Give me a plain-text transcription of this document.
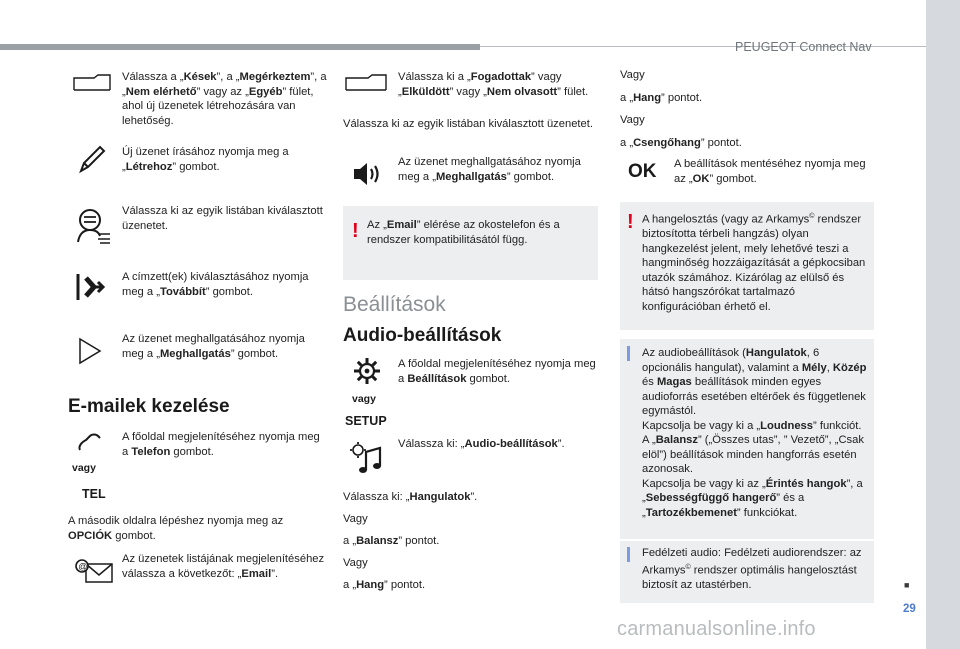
PEUGEOT Connect Nav
■
29
carmanualsonline.info
Válassza a „Kések”, a „Megérkeztem”, a „Nem elérhető” vagy az „Egyéb” fület, ahol új üzenetek létrehozására van lehetőség.
Új üzenet írásához nyomja meg a „Létrehoz” gombot.
Válassza ki az egyik listában kiválasztott üzenetet.
A címzett(ek) kiválasztásához nyomja meg a „Továbbít” gombot.
Az üzenet meghallgatásához nyomja meg a „Meghallgatás” gombot.
E-mailek kezelése
vagy
A főoldal megjelenítéséhez nyomja meg a Telefon gombot.
TEL
A második oldalra lépéshez nyomja meg az OPCIÓK gombot.
@
Az üzenetek listájának megjelenítéséhez válassza a következőt: „Email”.
Válassza ki a „Fogadottak” vagy „Elküldött” vagy „Nem olvasott” fület.
Válassza ki az egyik listában kiválasztott üzenetet.
Az üzenet meghallgatásához nyomja meg a „Meghallgatás” gombot.
! Az „Email” elérése az okostelefon és a rendszer kompatibilitásától függ.
Beállítások
Audio-beállítások
vagy
A főoldal megjelenítéséhez nyomja meg a Beállítások gombot.
SETUP
Válassza ki: „Audio-beállítások”.
Válassza ki: „Hangulatok”.
Vagy
a „Balansz” pontot.
Vagy
a „Hang” pontot.
Vagy
a „Hang” pontot.
Vagy
a „Csengőhang” pontot.
OK A beállítások mentéséhez nyomja meg az „OK” gombot.
! A hangelosztás (vagy az Arkamys© rendszer biztosította térbeli hangzás) olyan hangkezelést jelent, mely lehetővé teszi a hangminőség hozzáigazítását a gépkocsiban utazók számához. Kizárólag az elülső és hátsó hangszórókat tartalmazó konfigurációban érhető el.
Az audiobeállítások (Hangulatok, 6 opcionális hangulat), valamint a Mély, Közép és Magas beállítások minden egyes audioforrás esetében eltérőek és függetlenek egymástól.
Kapcsolja be vagy ki a „Loudness” funkciót.
A „Balansz” („Összes utas”, ” Vezető”, „Csak elöl”) beállítások minden hangforrás esetén azonosak.
Kapcsolja be vagy ki az „Érintés hangok”, a „Sebességfüggő hangerő” és a „Tartozékbemenet” funkciókat.
Fedélzeti audio: Fedélzeti audiorendszer: az Arkamys© rendszer optimális hangelosztást biztosít az utastérben.
